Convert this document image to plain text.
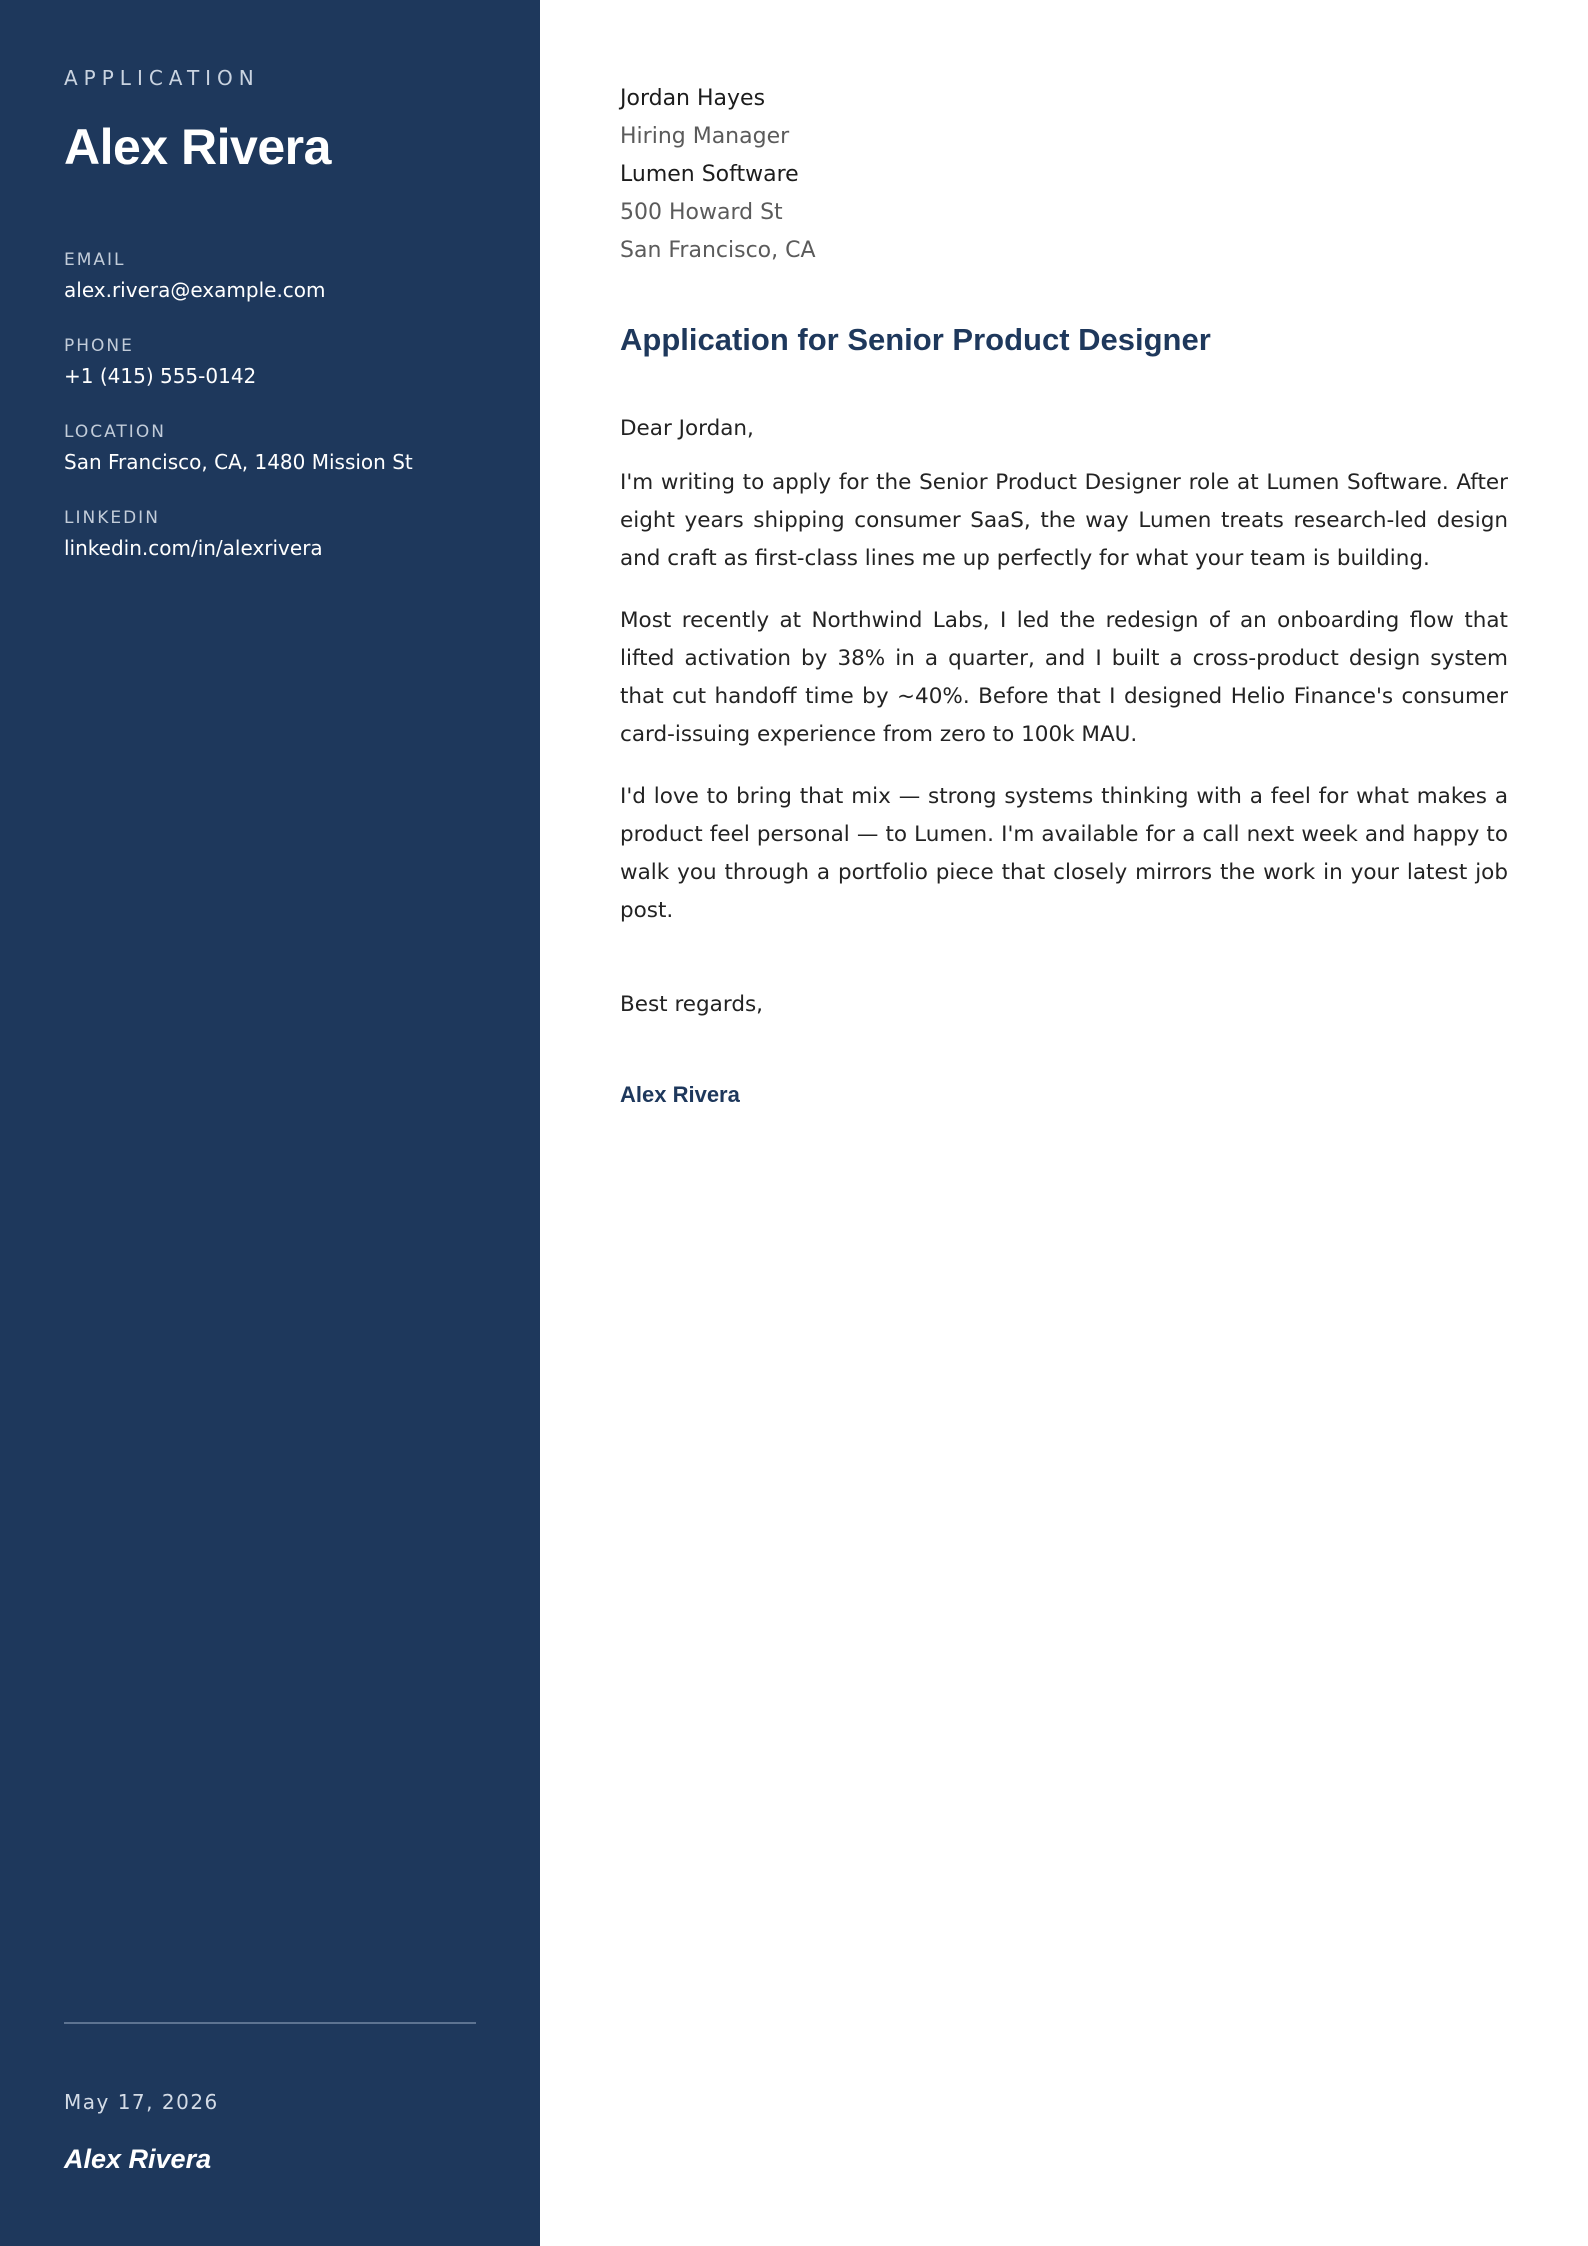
APPLICATION
Alex Rivera
EMAIL
alex.rivera@example.com
PHONE
+1 (415) 555-0142
LOCATION
San Francisco, CA, 1480 Mission St
LINKEDIN
linkedin.com/in/alexrivera
May 17, 2026
Alex Rivera
Jordan Hayes
Hiring Manager
Lumen Software
500 Howard St
San Francisco, CA
Application for Senior Product Designer
Dear Jordan,

I'm writing to apply for the Senior Product Designer role at Lumen Software. After eight years shipping consumer SaaS, the way Lumen treats research-led design and craft as first-class lines me up perfectly for what your team is building.

Most recently at Northwind Labs, I led the redesign of an onboarding flow that lifted activation by 38% in a quarter, and I built a cross-product design system that cut handoff time by ~40%. Before that I designed Helio Finance's consumer card-issuing experience from zero to 100k MAU.

I'd love to bring that mix — strong systems thinking with a feel for what makes a product feel personal — to Lumen. I'm available for a call next week and happy to walk you through a portfolio piece that closely mirrors the work in your latest job post.

Best regards,
Alex Rivera
